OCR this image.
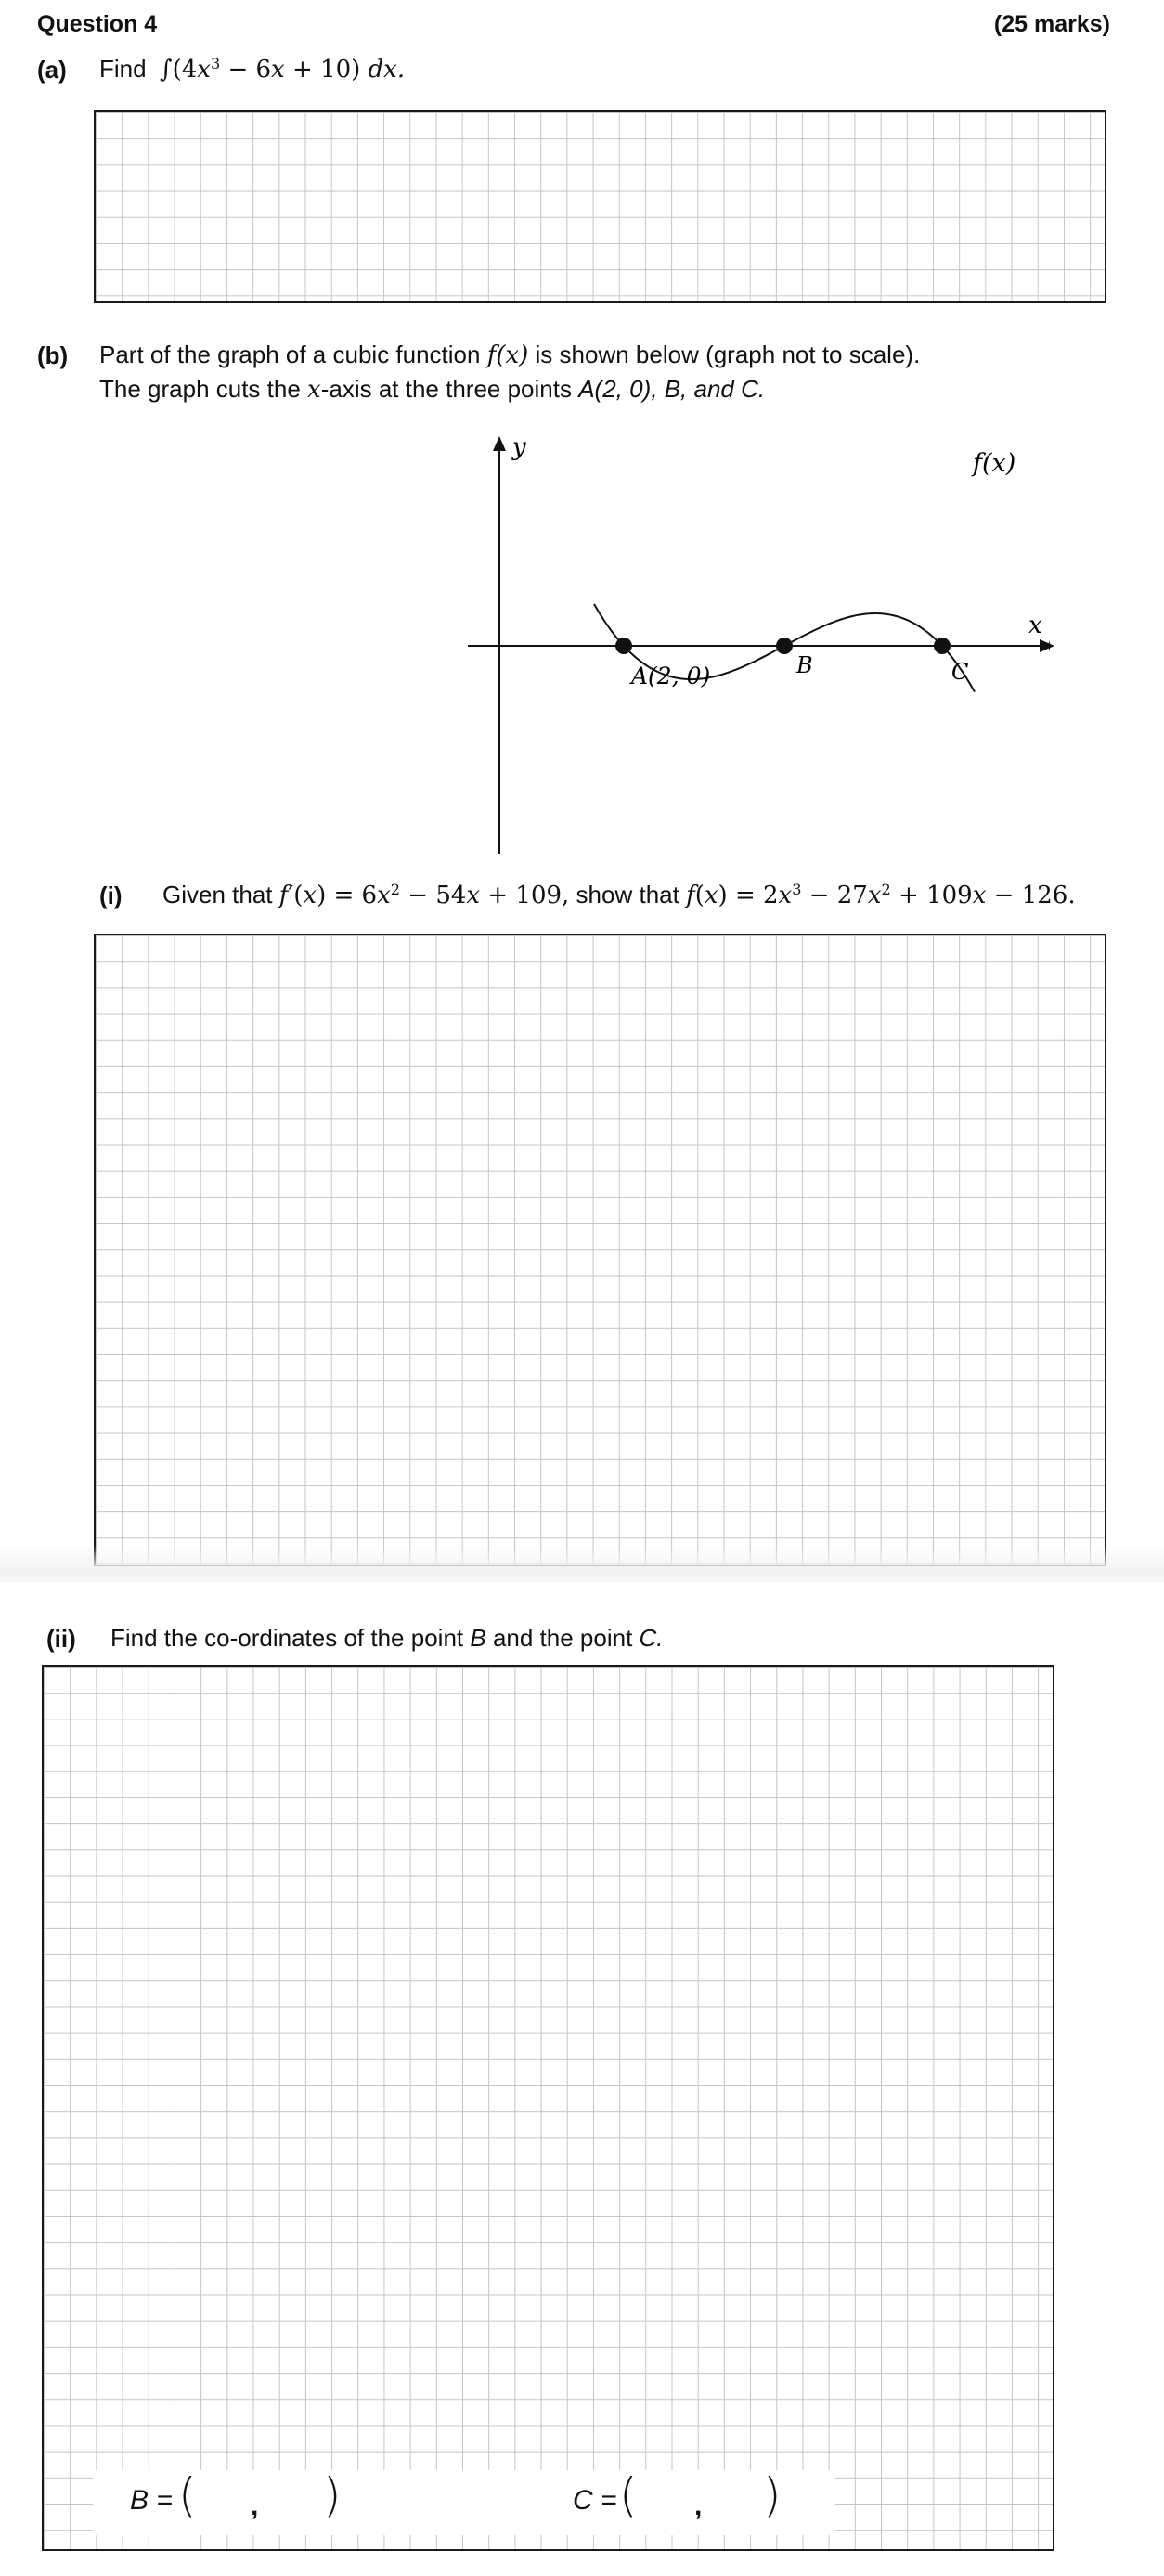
Question 4	(25 marks)
(a) Find $\int(4x^3 - 6x + 10)$ dx.
(b) Part of the graph of a cubic function f(x) is shown below (graph not to scale).
The graph cuts the x-axis at the three points A(2, 0), B, and C.
y
x
f(x)
A(2, 0)	B	C
(i) Given that $f'(x) = 6x^2 - 54x + 109$, show that $f(x) = 2x^3 - 27x^2 + 109x - 126$.
(ii) Find the co-ordinates of the point B and the point C.
B = ( , )	C = ( , )
